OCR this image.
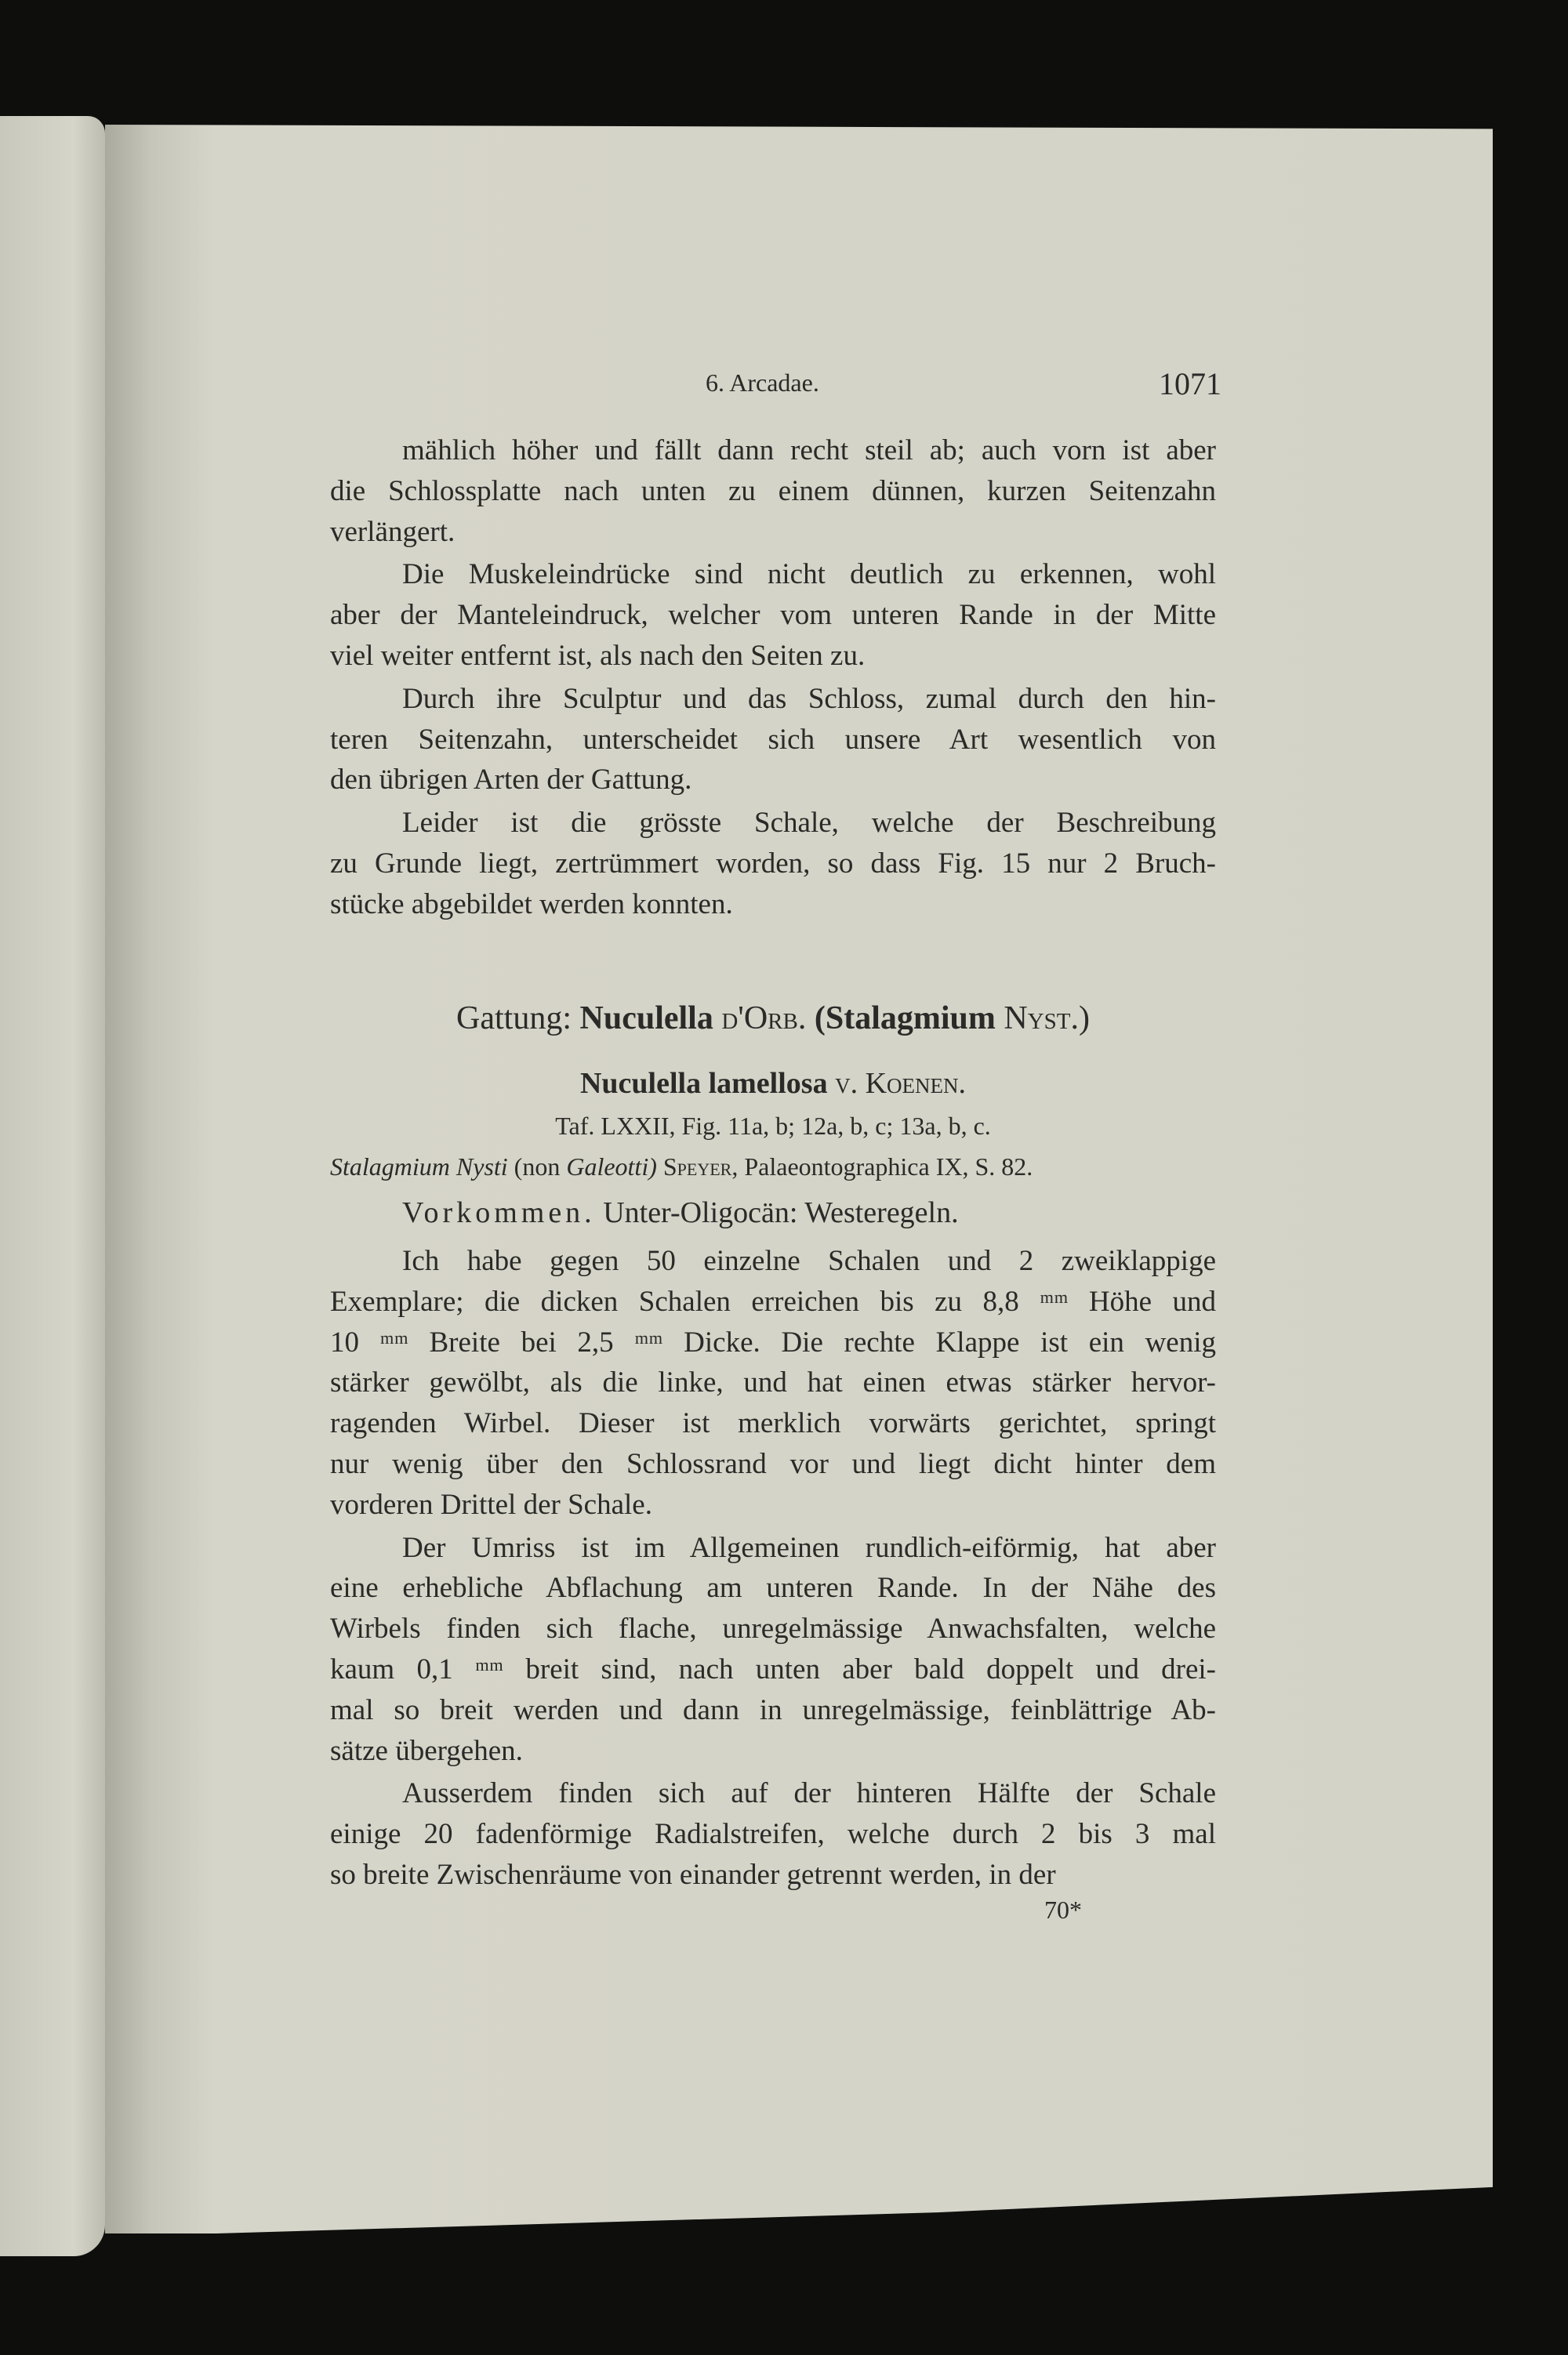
6. Arcadae.	1071
mählich höher und fällt dann recht steil ab; auch vorn ist aber
die Schlossplatte nach unten zu einem dünnen, kurzen Seitenzahn
verlängert.
Die Muskeleindrücke sind nicht deutlich zu erkennen, wohl
aber der Manteleindruck, welcher vom unteren Rande in der Mitte
viel weiter entfernt ist, als nach den Seiten zu.
Durch ihre Sculptur und das Schloss, zumal durch den hin-
teren Seitenzahn, unterscheidet sich unsere Art wesentlich von
den übrigen Arten der Gattung.
Leider ist die grösste Schale, welche der Beschreibung
zu Grunde liegt, zertrümmert worden, so dass Fig. 15 nur 2 Bruch-
stücke abgebildet werden konnten.
Gattung: Nuculella d'Orb. (Stalagmium Nyst.)
Nuculella lamellosa v. Koenen.
Taf. LXXII, Fig. 11a, b; 12a, b, c; 13a, b, c.
Stalagmium Nysti (non Galeotti) Speyer, Palaeontographica IX, S. 82.
Vorkommen. Unter-Oligocän: Westeregeln.
Ich habe gegen 50 einzelne Schalen und 2 zweiklappige
Exemplare; die dicken Schalen erreichen bis zu 8,8 ᵐᵐ Höhe und
10 ᵐᵐ Breite bei 2,5 ᵐᵐ Dicke. Die rechte Klappe ist ein wenig
stärker gewölbt, als die linke, und hat einen etwas stärker hervor-
ragenden Wirbel. Dieser ist merklich vorwärts gerichtet, springt
nur wenig über den Schlossrand vor und liegt dicht hinter dem
vorderen Drittel der Schale.
Der Umriss ist im Allgemeinen rundlich-eiförmig, hat aber
eine erhebliche Abflachung am unteren Rande. In der Nähe des
Wirbels finden sich flache, unregelmässige Anwachsfalten, welche
kaum 0,1 ᵐᵐ breit sind, nach unten aber bald doppelt und drei-
mal so breit werden und dann in unregelmässige, feinblättrige Ab-
sätze übergehen.
Ausserdem finden sich auf der hinteren Hälfte der Schale
einige 20 fadenförmige Radialstreifen, welche durch 2 bis 3 mal
so breite Zwischenräume von einander getrennt werden, in der
70*
